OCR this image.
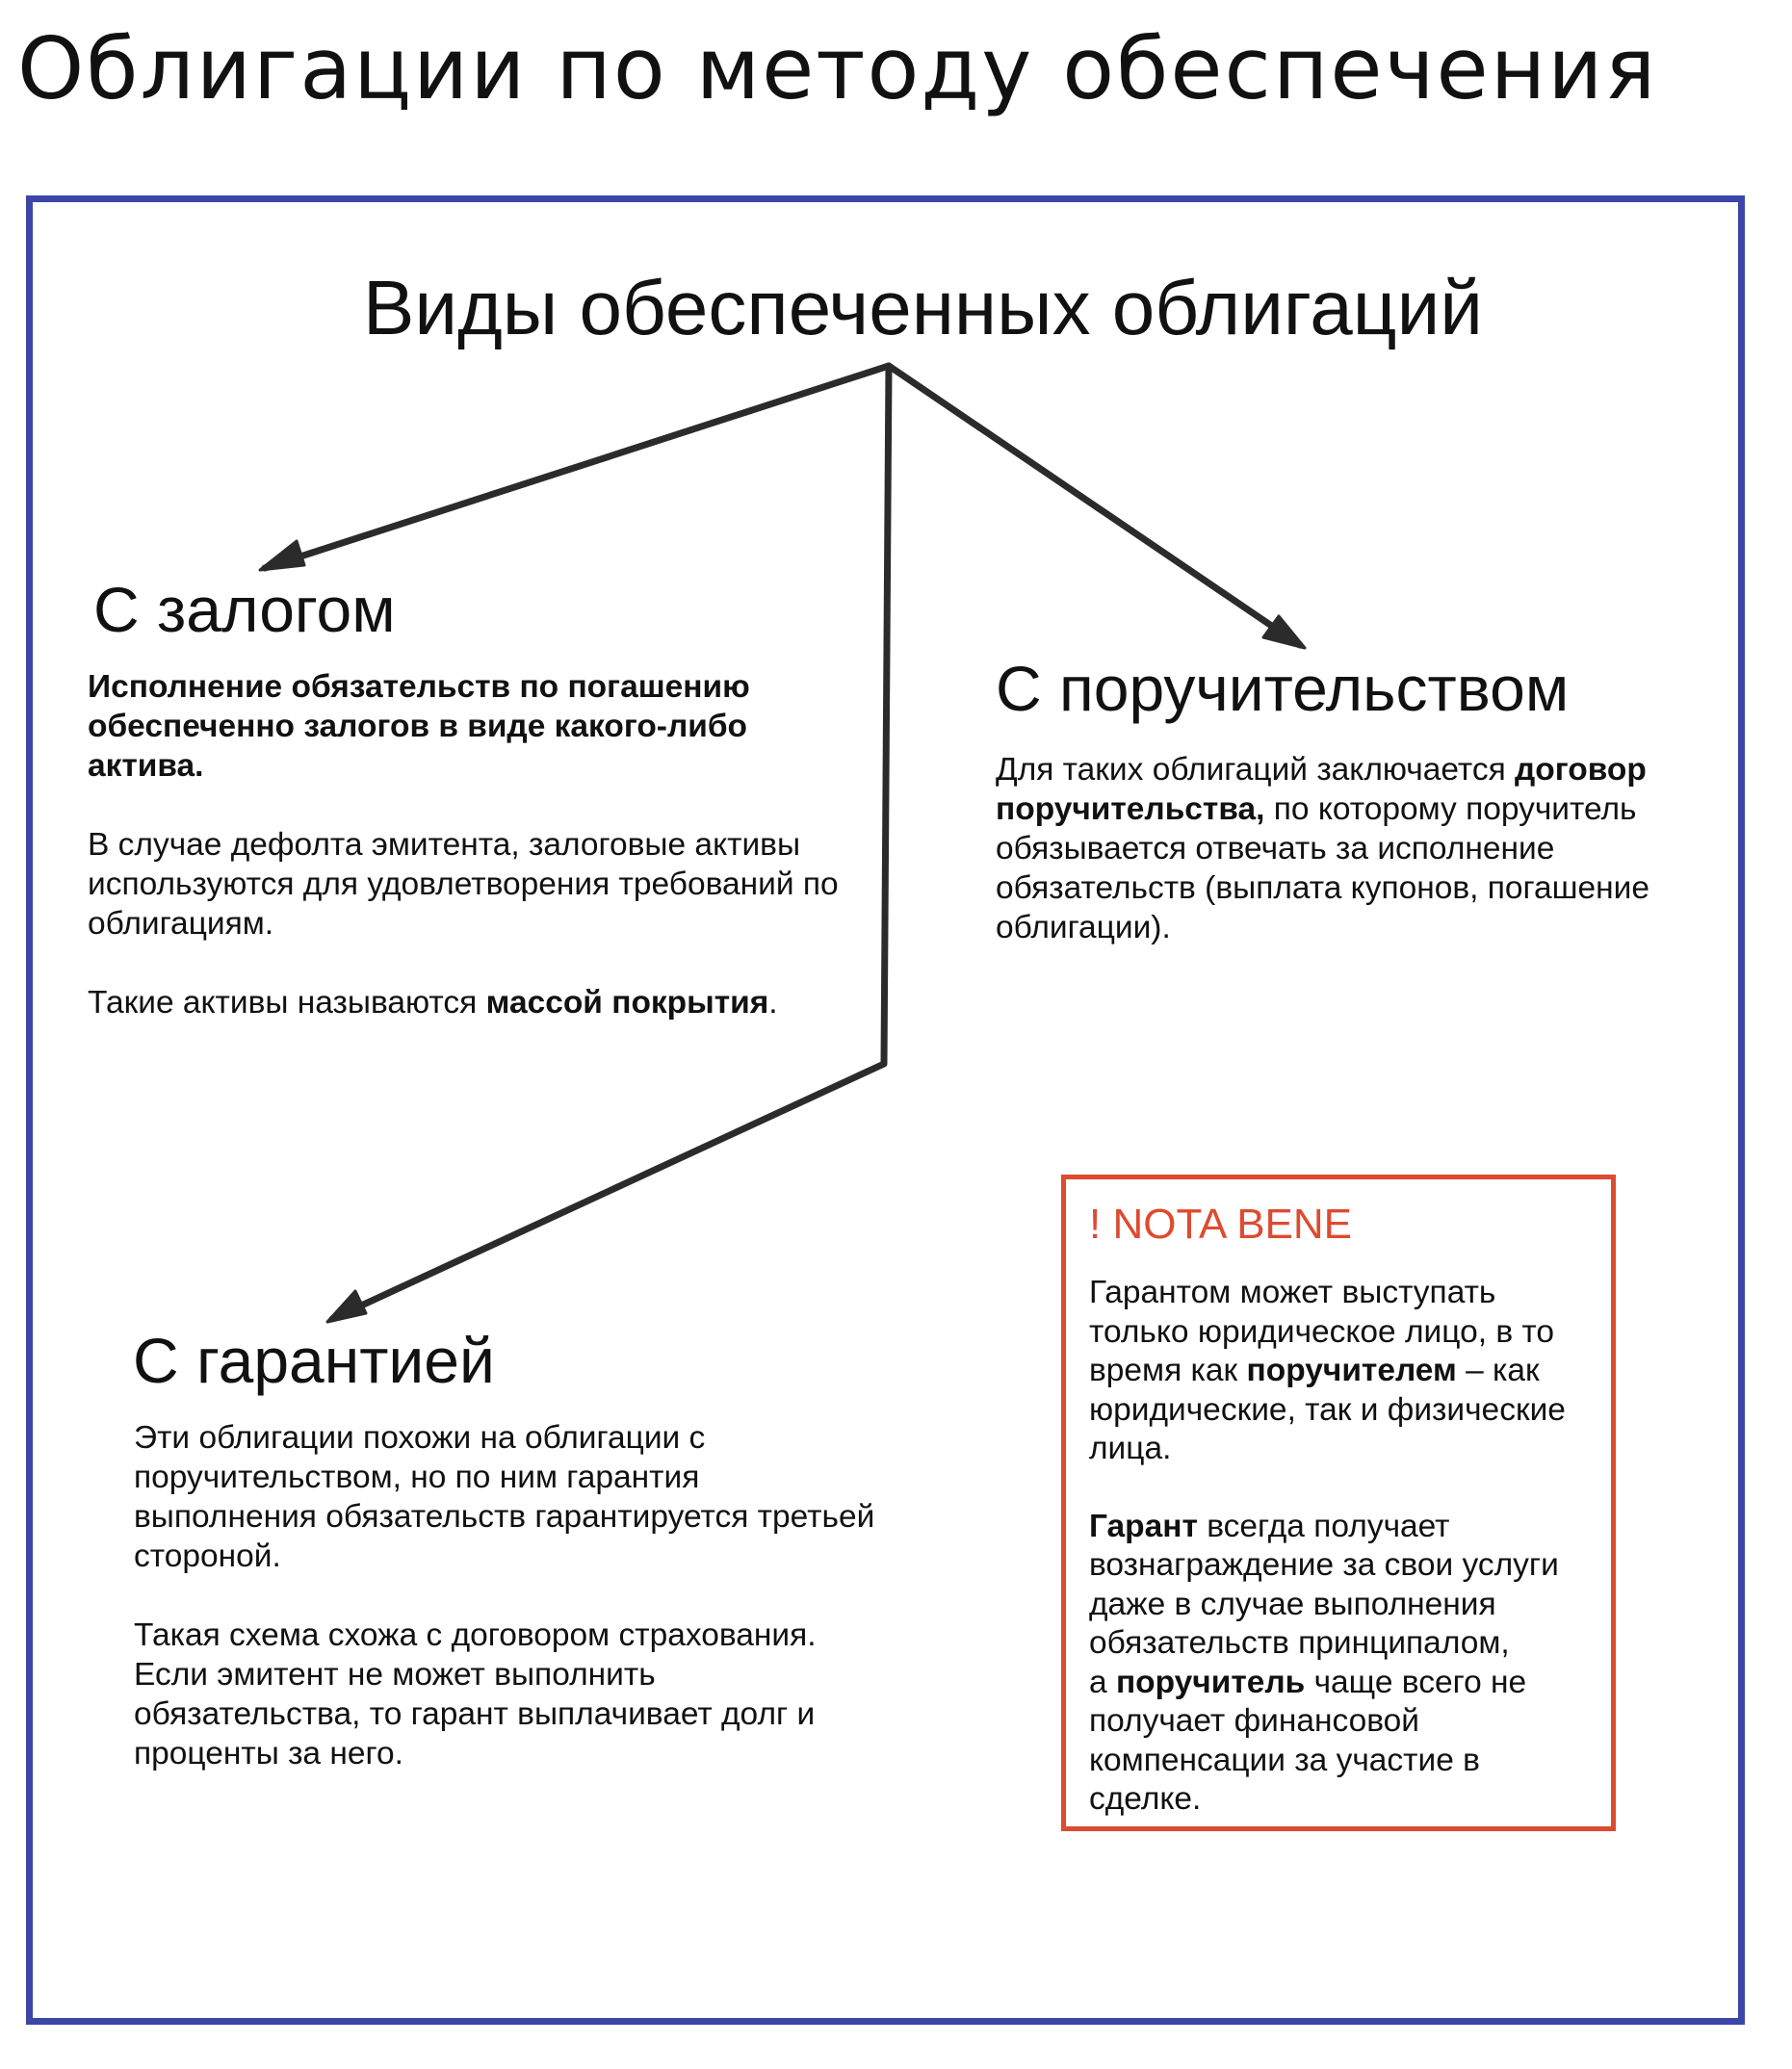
Облигации по методу обеспечения
Виды обеспеченных облигаций
С залогом

Исполнение обязательств по погашению обеспеченно залогов в виде какого-либо актива.

В случае дефолта эмитента, залоговые активы используются для удовлетворения требований по облигациям.

Такие активы называются массой покрытия.

С поручительством

Для таких облигаций заключается договор поручительства, по которому поручитель обязывается отвечать за исполнение обязательств (выплата купонов, погашение облигации).

С гарантией

Эти облигации похожи на облигации с поручительством, но по ним гарантия выполнения обязательств гарантируется третьей стороной.

Такая схема схожа с договором страхования. Если эмитент не может выполнить обязательства, то гарант выплачивает долг и проценты за него.

! NOTA BENE

Гарантом может выступать только юридическое лицо, в то время как поручителем – как юридические, так и физические лица.

Гарант всегда получает вознаграждение за свои услуги даже в случае выполнения обязательств принципалом,
а поручитель чаще всего не получает финансовой компенсации за участие в сделке.
